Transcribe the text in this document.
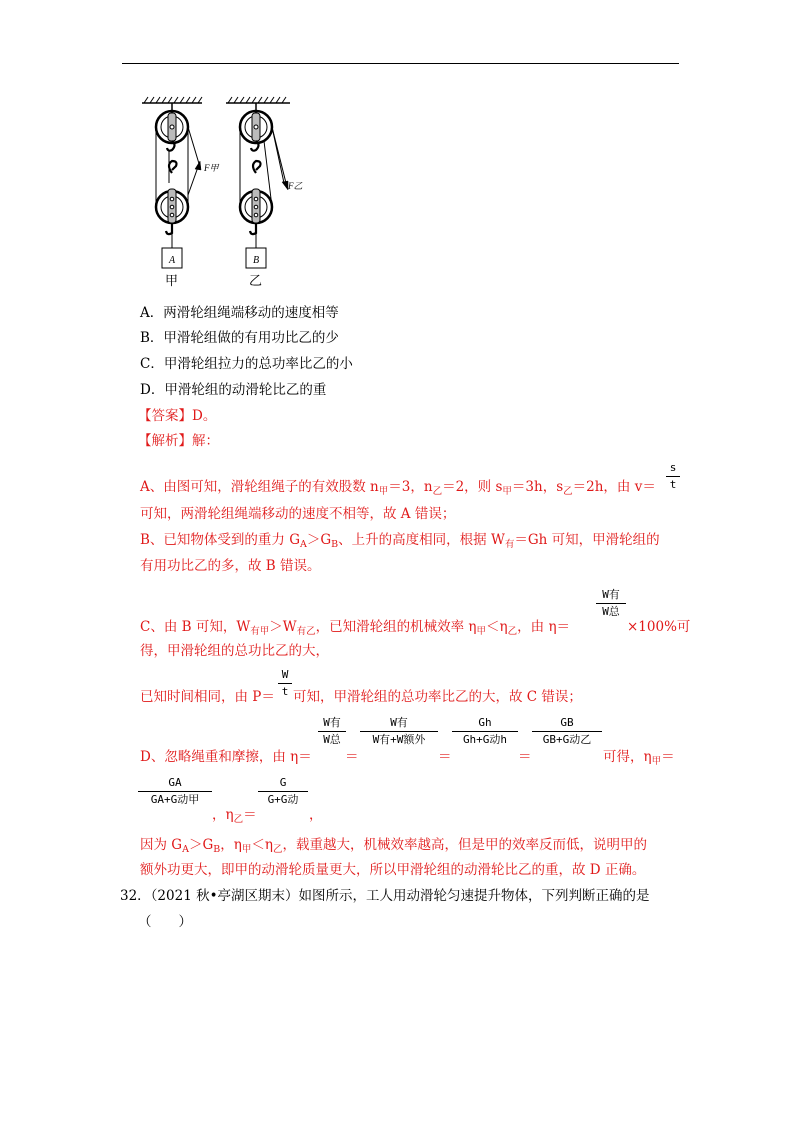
A	B
F甲
F乙
甲	乙
A．两滑轮组绳端移动的速度相等
B．甲滑轮组做的有用功比乙的少
C．甲滑轮组拉力的总功率比乙的小
D．甲滑轮组的动滑轮比乙的重
【答案】D。
【解析】解：
A、由图可知，滑轮组绳子的有效股数 $n_甲=3$，$n_乙=2$，则 $s_甲=3h$，$s_乙=2h$，由 v＝
s
t
可知，两滑轮组绳端移动的速度不相等，故 A 错误；
B、已知物体受到的重力 $G_A>G_B$、上升的高度相同，根据 $W_有=Gh$ 可知，甲滑轮组的
有用功比乙的多，故 B 错误。
C、由 B 可知，$W_{有甲}>W_{有乙}$，已知滑轮组的机械效率 $\eta_甲<\eta_乙$，由 η＝
W有
W总
×100%可
得，甲滑轮组的总功比乙的大，
已知时间相同，由 P＝
W
t 可知，甲滑轮组的总功率比乙的大，故 C 错误；
D、忽略绳重和摩擦，由 η＝
W有
W总
＝
W有
W有+W额外
＝
Gh
Gh+G动h
＝
GB
GB+G动乙
可得，$\eta_甲=$
GA
GA+G动甲
，$\eta_乙=$
G
G+G动
，
因为 $G_A>G_B$，$\eta_甲<\eta_乙$，载重越大，机械效率越高，但是甲的效率反而低，说明甲的
额外功更大，即甲的动滑轮质量更大，所以甲滑轮组的动滑轮比乙的重，故 D 正确。
32．（2021 秋•亭湖区期末）如图所示，工人用动滑轮匀速提升物体，下列判断正确的是
（　　）
